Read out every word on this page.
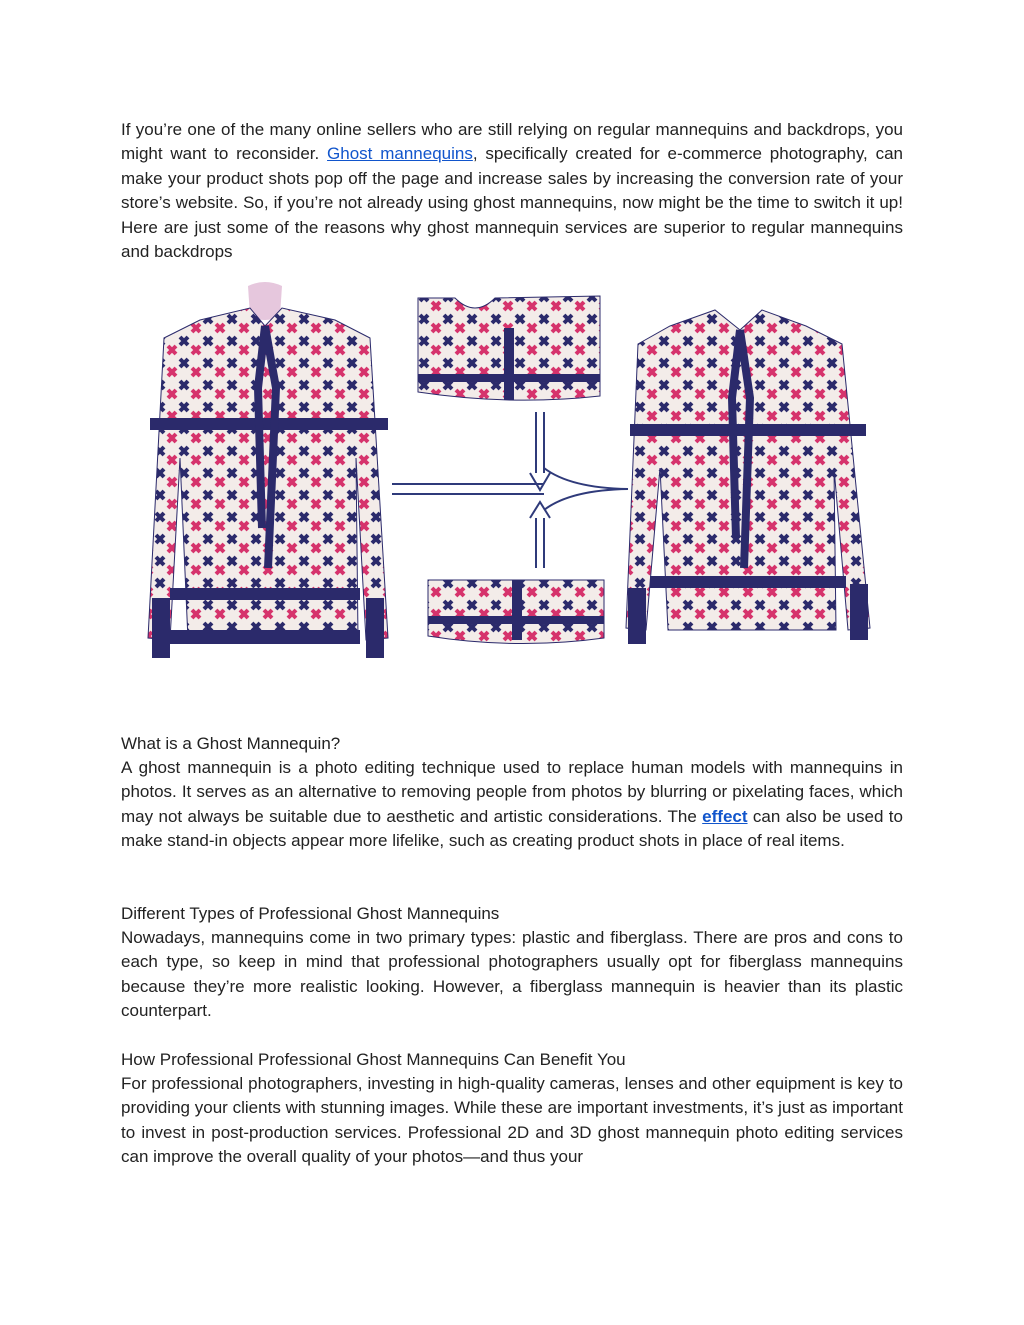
If you’re one of the many online sellers who are still relying on regular mannequins and backdrops, you might want to reconsider. Ghost mannequins, specifically created for e-commerce photography, can make your product shots pop off the page and increase sales by increasing the conversion rate of your store’s website. So, if you’re not already using ghost mannequins, now might be the time to switch it up! Here are just some of the reasons why ghost mannequin services are superior to regular mannequins and backdrops

What is a Ghost Mannequin?

A ghost mannequin is a photo editing technique used to replace human models with mannequins in photos. It serves as an alternative to removing people from photos by blurring or pixelating faces, which may not always be suitable due to aesthetic and artistic considerations. The effect can also be used to make stand-in objects appear more lifelike, such as creating product shots in place of real items.

Different Types of Professional Ghost Mannequins

Nowadays, mannequins come in two primary types: plastic and fiberglass. There are pros and cons to each type, so keep in mind that professional photographers usually opt for fiberglass mannequins because they’re more realistic looking. However, a fiberglass mannequin is heavier than its plastic counterpart.

How Professional Professional Ghost Mannequins Can Benefit You

For professional photographers, investing in high-quality cameras, lenses and other equipment is key to providing your clients with stunning images. While these are important investments, it’s just as important to invest in post-production services. Professional 2D and 3D ghost mannequin photo editing services can improve the overall quality of your photos—and thus your
